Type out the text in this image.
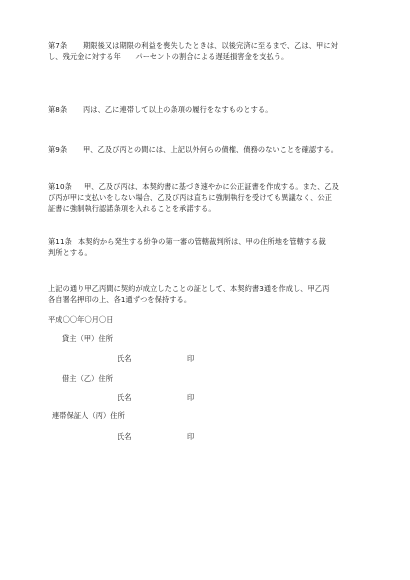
第7条 期限後又は期限の利益を喪失したときは、以後完済に至るまで、乙は、甲に対
し、残元金に対する年　　パーセントの割合による遅延損害金を支払う。
第8条 丙は、乙に連帯して以上の条項の履行をなすものとする。
第9条 甲、乙及び丙との間には、上記以外何らの債権、債務のないことを確認する。
第10条 甲、乙及び丙は、本契約書に基づき速やかに公正証書を作成する。また、乙及
び丙が甲に支払いをしない場合、乙及び丙は直ちに強制執行を受けても異議なく、公正
証書に強制執行認諾条項を入れることを承諾する。
第11条 本契約から発生する紛争の第一審の管轄裁判所は、甲の住所地を管轄する裁
判所とする。
上記の通り甲乙丙間に契約が成立したことの証として、本契約書3通を作成し、甲乙丙
各自署名押印の上、各1通ずつを保持する。
平成〇〇年〇月〇日
貸主（甲）住所
氏名	印
借主（乙）住所
氏名	印
連帯保証人（丙）住所
氏名	印
